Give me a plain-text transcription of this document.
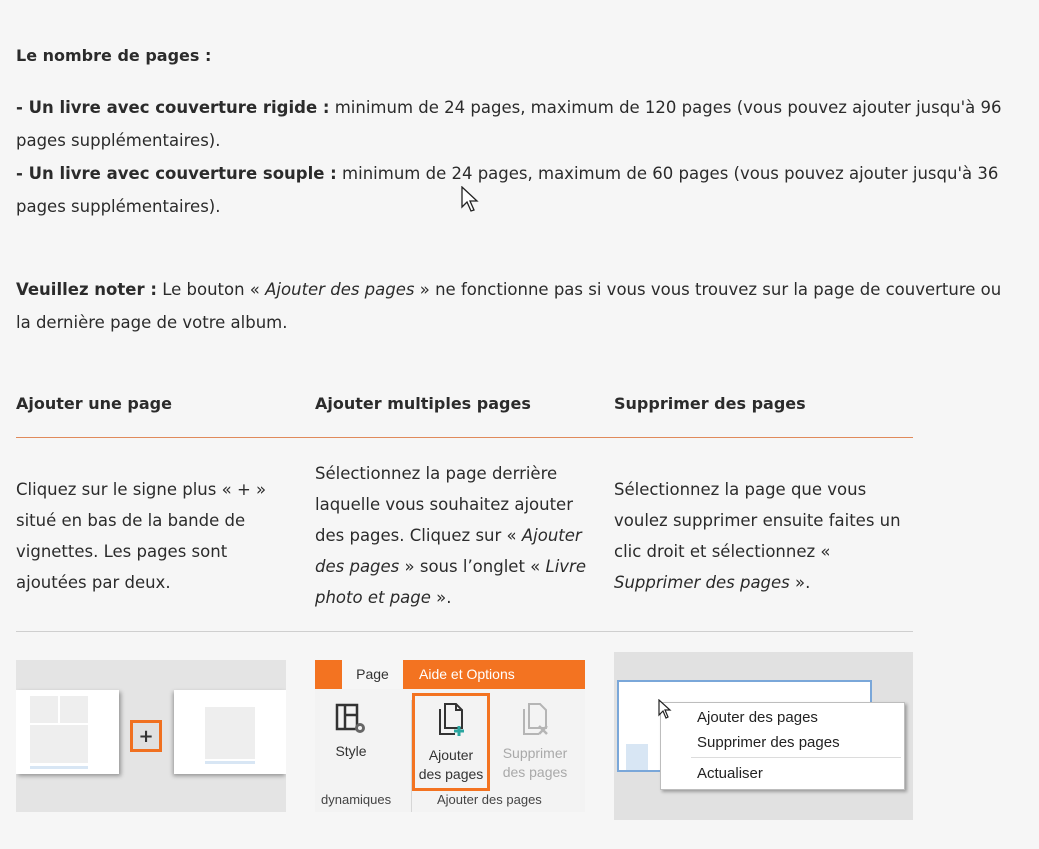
Le nombre de pages :
- Un livre avec couverture rigide : minimum de 24 pages, maximum de 120 pages (vous pouvez ajouter jusqu'à 96 pages supplémentaires).
- Un livre avec couverture souple : minimum de 24 pages, maximum de 60 pages (vous pouvez ajouter jusqu'à 36 pages supplémentaires).
Veuillez noter : Le bouton « Ajouter des pages » ne fonctionne pas si vous vous trouvez sur la page de couverture ou la dernière page de votre album.
Ajouter une page	Ajouter multiples pages	Supprimer des pages
Cliquez sur le signe plus « + » situé en bas de la bande de vignettes. Les pages sont ajoutées par deux.
Sélectionnez la page derrière laquelle vous souhaitez ajouter des pages. Cliquez sur « Ajouter des pages » sous l’onglet « Livre photo et page ».
Sélectionnez la page que vous voulez supprimer ensuite faites un clic droit et sélectionnez « Supprimer des pages ».
+
Page	Aide et Options
Style	Ajouter
des pages
Supprimer
des pages
dynamiques	Ajouter des pages
Ajouter des pages
Supprimer des pages
Actualiser
